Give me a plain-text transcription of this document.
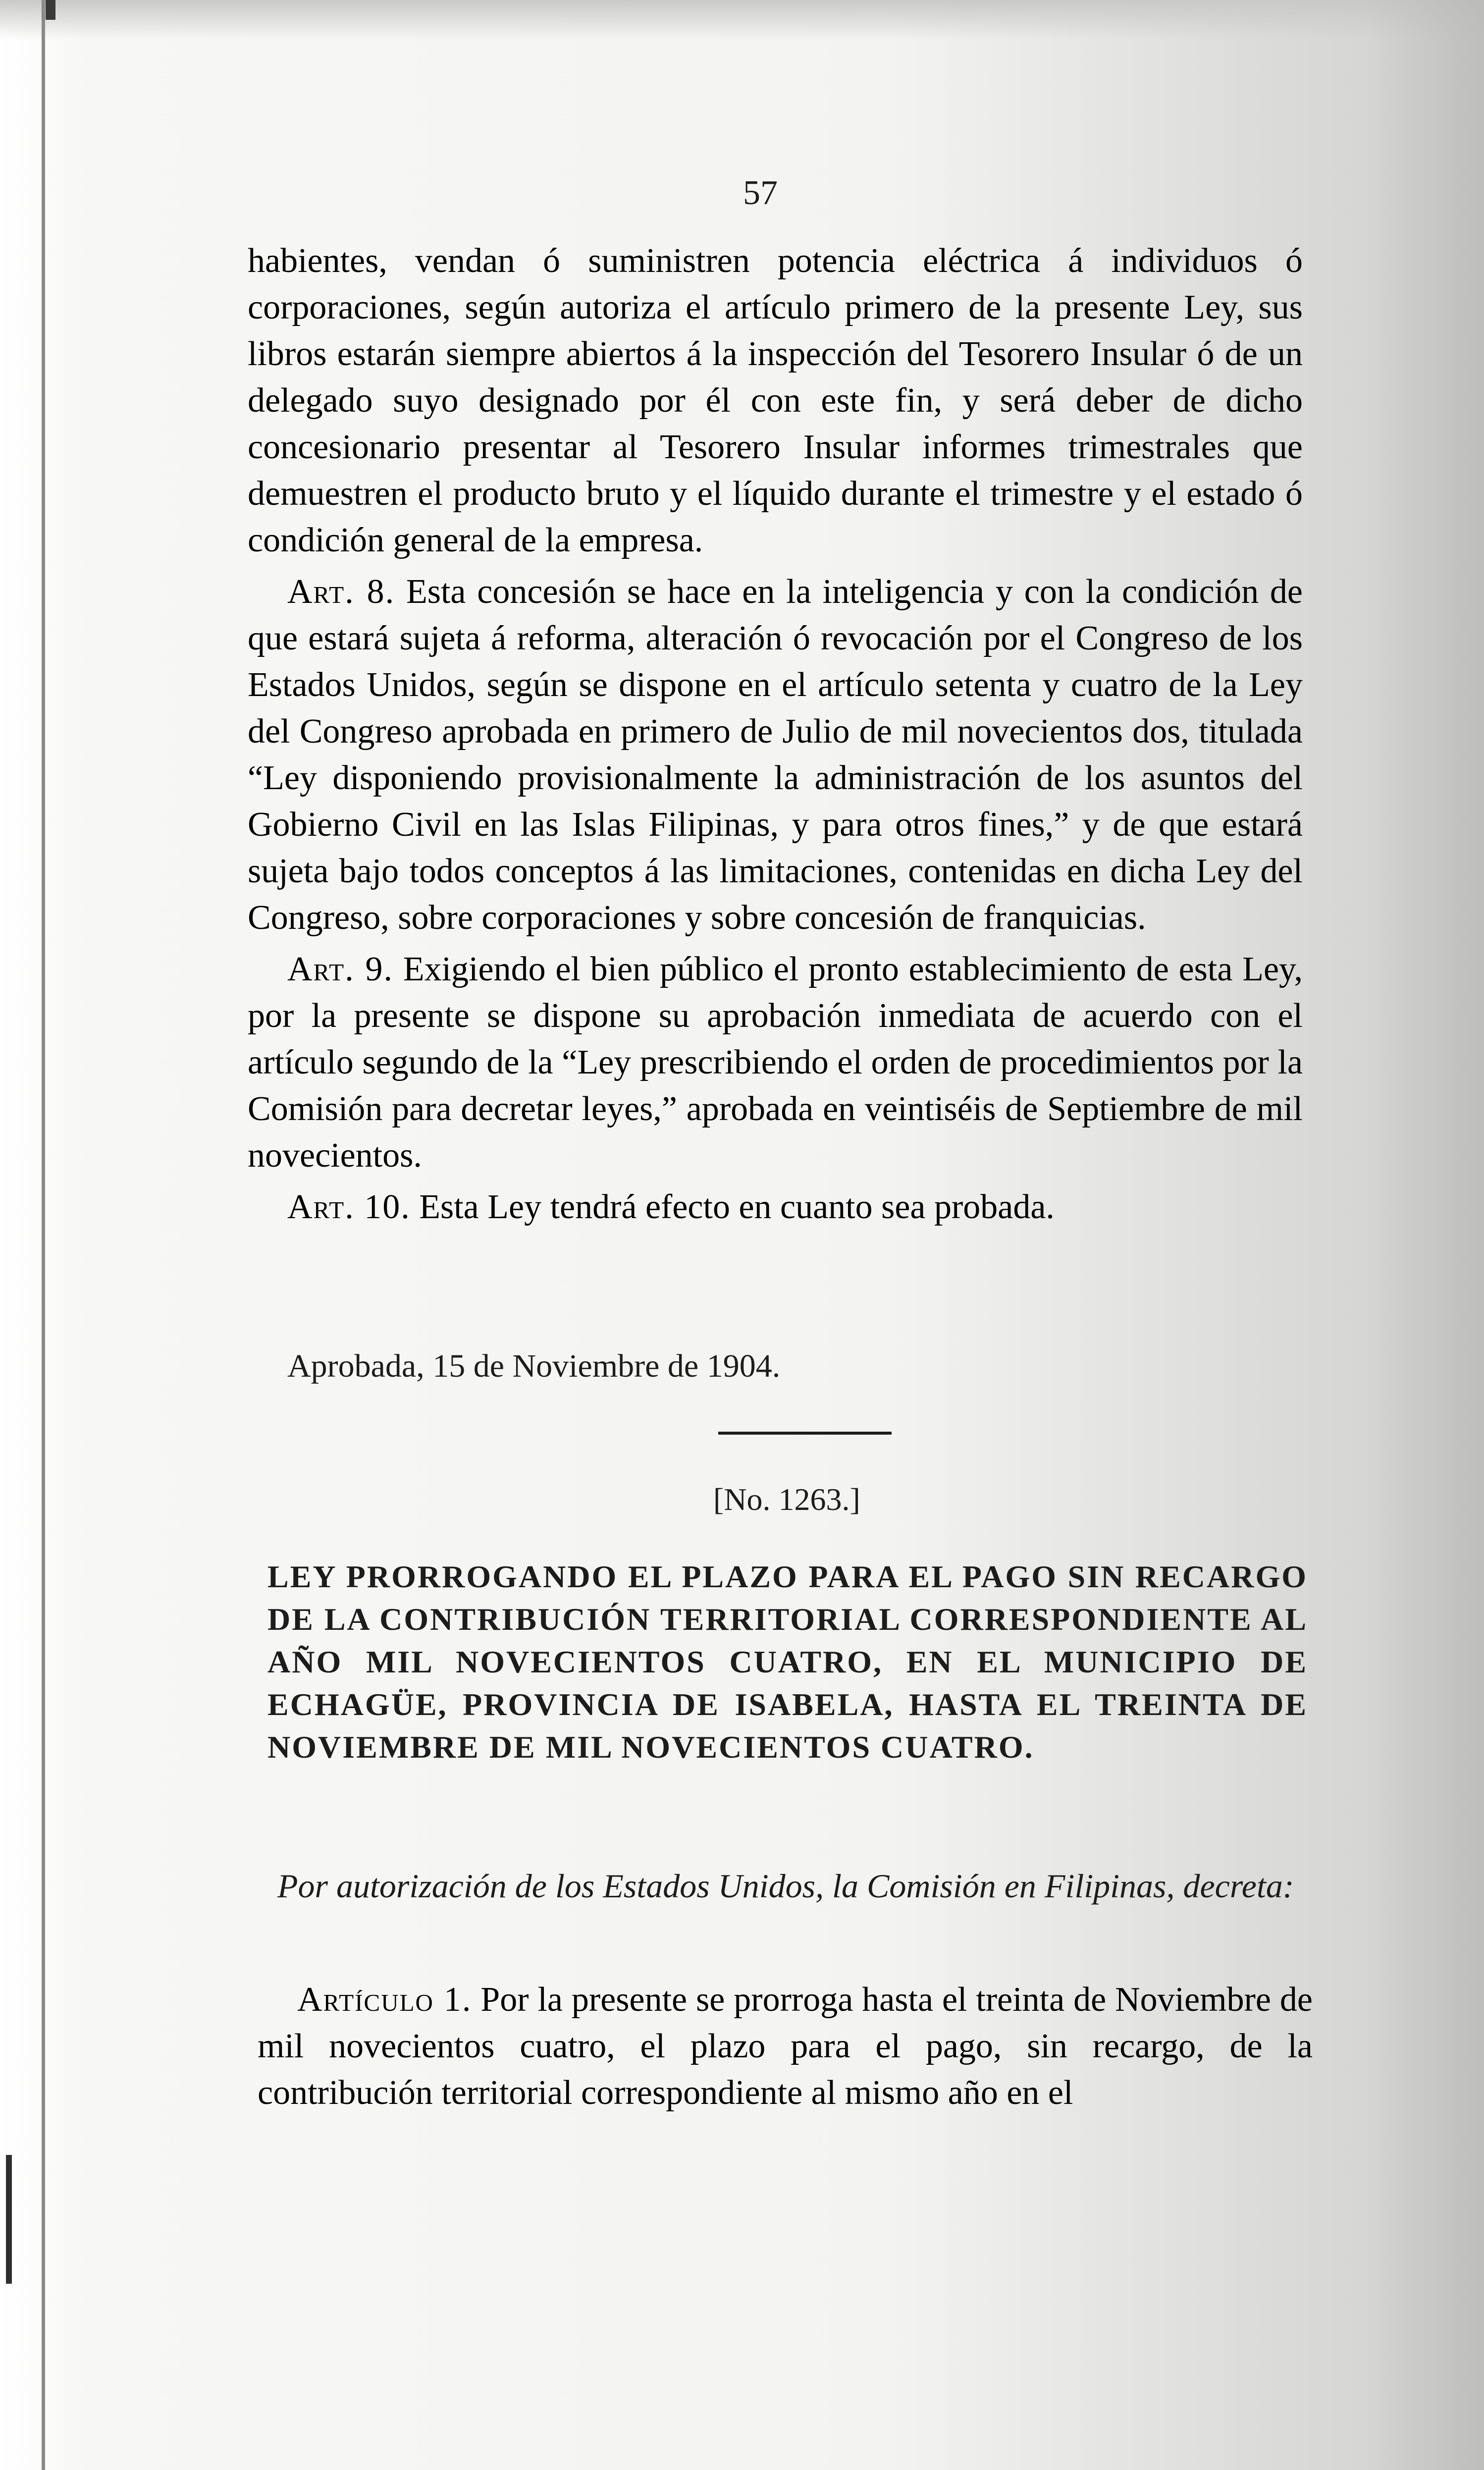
57

habientes, vendan ó suministren potencia eléctrica á individuos ó corporaciones, según autoriza el artículo primero de la presente Ley, sus libros estarán siempre abiertos á la inspección del Tesorero Insular ó de un delegado suyo designado por él con este fin, y será deber de dicho concesionario presentar al Tesorero Insular informes trimestrales que demuestren el producto bruto y el líquido durante el trimestre y el estado ó condición general de la empresa.

Art. 8. Esta concesión se hace en la inteligencia y con la condición de que estará sujeta á reforma, alteración ó revocación por el Congreso de los Estados Unidos, según se dispone en el artículo setenta y cuatro de la Ley del Congreso aprobada en primero de Julio de mil novecientos dos, titulada “Ley disponiendo provisionalmente la administración de los asuntos del Gobierno Civil en las Islas Filipinas, y para otros fines,” y de que estará sujeta bajo todos conceptos á las limitaciones, contenidas en dicha Ley del Congreso, sobre corporaciones y sobre concesión de franquicias.

Art. 9. Exigiendo el bien público el pronto establecimiento de esta Ley, por la presente se dispone su aprobación inmediata de acuerdo con el artículo segundo de la “Ley prescribiendo el orden de procedimientos por la Comisión para decretar leyes,” aprobada en veintiséis de Septiembre de mil novecientos.

Art. 10. Esta Ley tendrá efecto en cuanto sea probada.

Aprobada, 15 de Noviembre de 1904.
[No. 1263.]
LEY PRORROGANDO EL PLAZO PARA EL PAGO SIN RECARGO DE LA CONTRIBUCIÓN TERRITORIAL CORRESPONDIENTE AL AÑO MIL NOVECIENTOS CUATRO, EN EL MUNICIPIO DE ECHAGÜE, PROVINCIA DE ISABELA, HASTA EL TREINTA DE NOVIEMBRE DE MIL NOVECIENTOS CUATRO.
Por autorización de los Estados Unidos, la Comisión en Filipinas, decreta:

Artículo 1. Por la presente se prorroga hasta el treinta de Noviembre de mil novecientos cuatro, el plazo para el pago, sin recargo, de la contribución territorial correspondiente al mismo año en el
